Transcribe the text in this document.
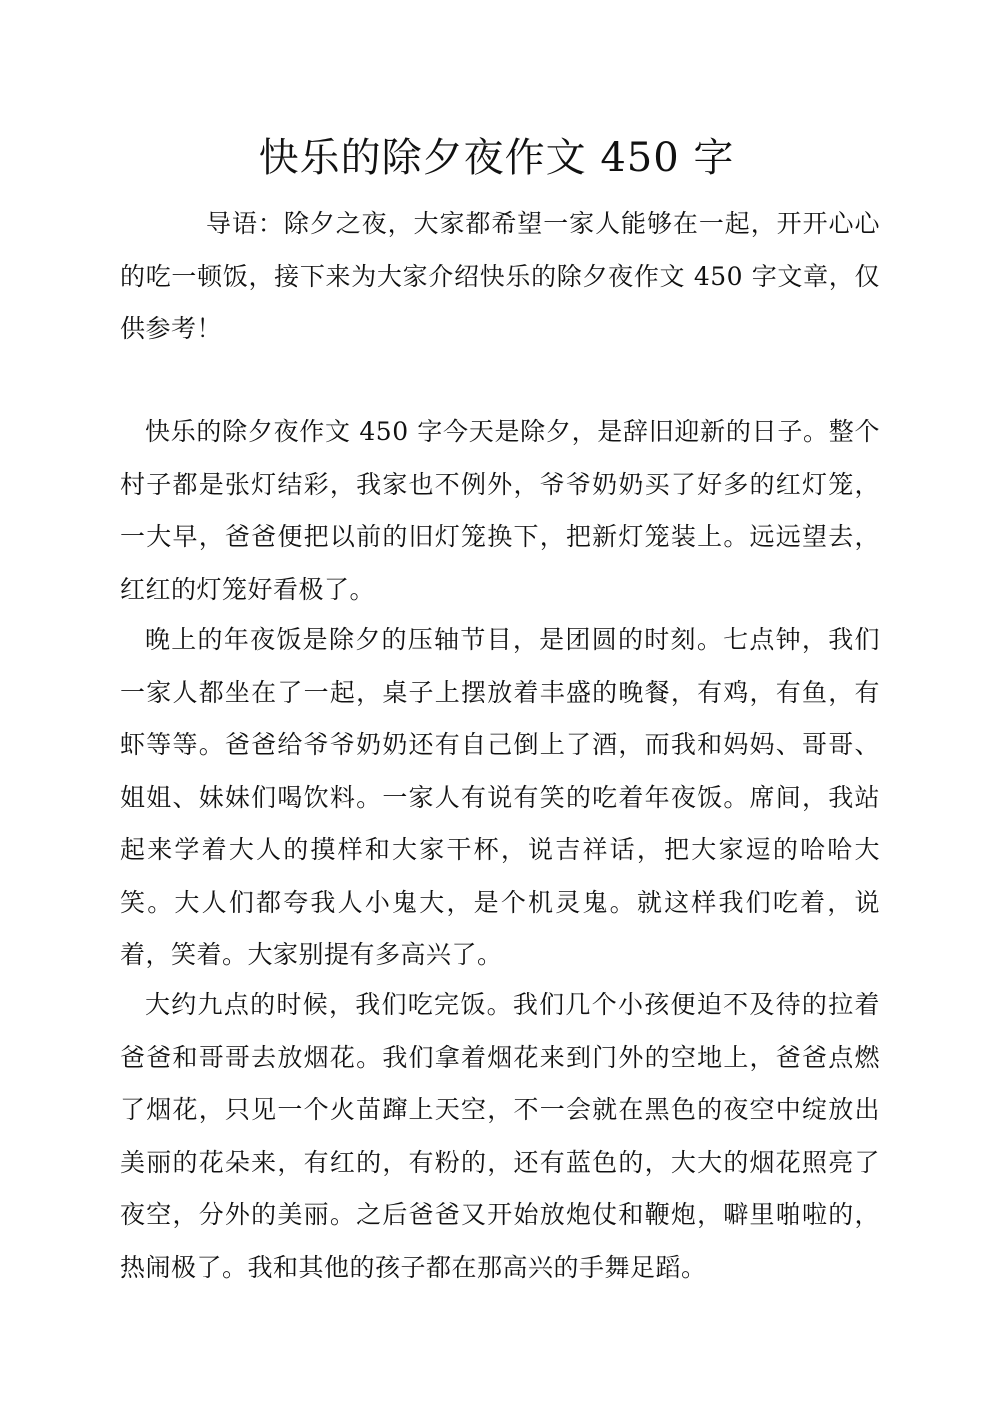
快乐的除夕夜作文 450 字

导语：除夕之夜，大家都希望一家人能够在一起，开开心心的吃一顿饭，接下来为大家介绍快乐的除夕夜作文 450 字文章，仅供参考！

快乐的除夕夜作文 450 字今天是除夕，是辞旧迎新的日子。整个村子都是张灯结彩，我家也不例外，爷爷奶奶买了好多的红灯笼，一大早，爸爸便把以前的旧灯笼换下，把新灯笼装上。远远望去，红红的灯笼好看极了。

晚上的年夜饭是除夕的压轴节目，是团圆的时刻。七点钟，我们一家人都坐在了一起，桌子上摆放着丰盛的晚餐，有鸡，有鱼，有虾等等。爸爸给爷爷奶奶还有自己倒上了酒，而我和妈妈、哥哥、姐姐、妹妹们喝饮料。一家人有说有笑的吃着年夜饭。席间，我站起来学着大人的摸样和大家干杯，说吉祥话，把大家逗的哈哈大笑。大人们都夸我人小鬼大，是个机灵鬼。就这样我们吃着，说着，笑着。大家别提有多高兴了。

大约九点的时候，我们吃完饭。我们几个小孩便迫不及待的拉着爸爸和哥哥去放烟花。我们拿着烟花来到门外的空地上，爸爸点燃了烟花，只见一个火苗蹿上天空，不一会就在黑色的夜空中绽放出美丽的花朵来，有红的，有粉的，还有蓝色的，大大的烟花照亮了夜空，分外的美丽。之后爸爸又开始放炮仗和鞭炮，噼里啪啦的，热闹极了。我和其他的孩子都在那高兴的手舞足蹈。
